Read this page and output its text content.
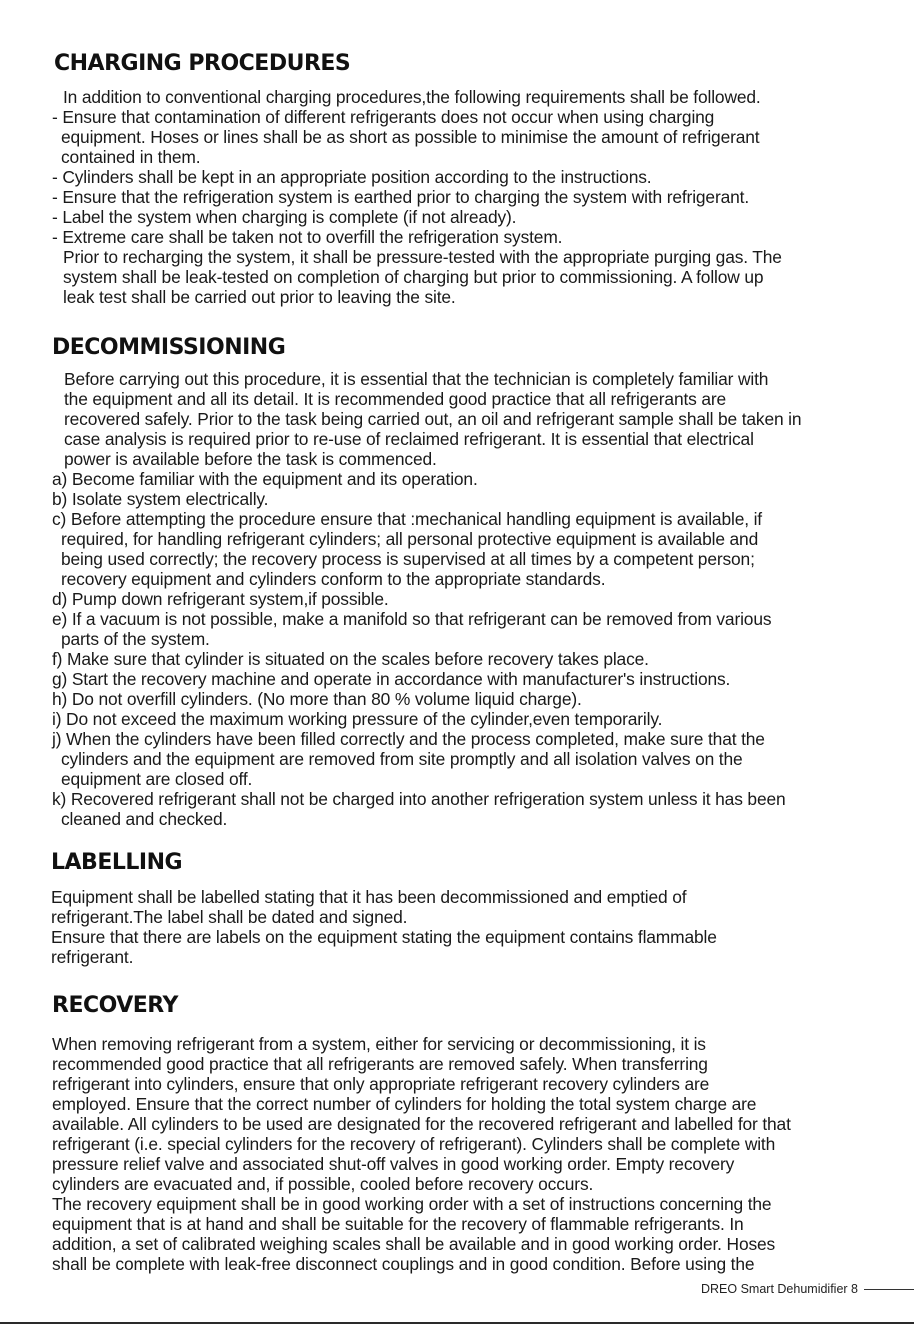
CHARGING PROCEDURES
In addition to conventional charging procedures,the following requirements shall be followed.
- Ensure that contamination of different refrigerants does not occur when using charging
equipment. Hoses or lines shall be as short as possible to minimise the amount of refrigerant
contained in them.
- Cylinders shall be kept in an appropriate position according to the instructions.
- Ensure that the refrigeration system is earthed prior to charging the system with refrigerant.
- Label the system when charging is complete (if not already).
- Extreme care shall be taken not to overfill the refrigeration system.
Prior to recharging the system, it shall be pressure-tested with the appropriate purging gas. The
system shall be leak-tested on completion of charging but prior to commissioning. A follow up
leak test shall be carried out prior to leaving the site.
DECOMMISSIONING
Before carrying out this procedure, it is essential that the technician is completely familiar with
the equipment and all its detail. It is recommended good practice that all refrigerants are
recovered safely. Prior to the task being carried out, an oil and refrigerant sample shall be taken in
case analysis is required prior to re-use of reclaimed refrigerant. It is essential that electrical
power is available before the task is commenced.
a) Become familiar with the equipment and its operation.
b) Isolate system electrically.
c) Before attempting the procedure ensure that :mechanical handling equipment is available, if
required, for handling refrigerant cylinders; all personal protective equipment is available and
being used correctly; the recovery process is supervised at all times by a competent person;
recovery equipment and cylinders conform to the appropriate standards.
d) Pump down refrigerant system,if possible.
e) If a vacuum is not possible, make a manifold so that refrigerant can be removed from various
parts of the system.
f) Make sure that cylinder is situated on the scales before recovery takes place.
g) Start the recovery machine and operate in accordance with manufacturer's instructions.
h) Do not overfill cylinders. (No more than 80 % volume liquid charge).
i) Do not exceed the maximum working pressure of the cylinder,even temporarily.
j) When the cylinders have been filled correctly and the process completed, make sure that the
cylinders and the equipment are removed from site promptly and all isolation valves on the
equipment are closed off.
k) Recovered refrigerant shall not be charged into another refrigeration system unless it has been
cleaned and checked.
LABELLING
Equipment shall be labelled stating that it has been decommissioned and emptied of
refrigerant.The label shall be dated and signed.
Ensure that there are labels on the equipment stating the equipment contains flammable
refrigerant.
RECOVERY
When removing refrigerant from a system, either for servicing or decommissioning, it is
recommended good practice that all refrigerants are removed safely. When transferring
refrigerant into cylinders, ensure that only appropriate refrigerant recovery cylinders are
employed. Ensure that the correct number of cylinders for holding the total system charge are
available. All cylinders to be used are designated for the recovered refrigerant and labelled for that
refrigerant (i.e. special cylinders for the recovery of refrigerant). Cylinders shall be complete with
pressure relief valve and associated shut-off valves in good working order. Empty recovery
cylinders are evacuated and, if possible, cooled before recovery occurs.
The recovery equipment shall be in good working order with a set of instructions concerning the
equipment that is at hand and shall be suitable for the recovery of flammable refrigerants. In
addition, a set of calibrated weighing scales shall be available and in good working order. Hoses
shall be complete with leak-free disconnect couplings and in good condition. Before using the
DREO Smart Dehumidifier 8
